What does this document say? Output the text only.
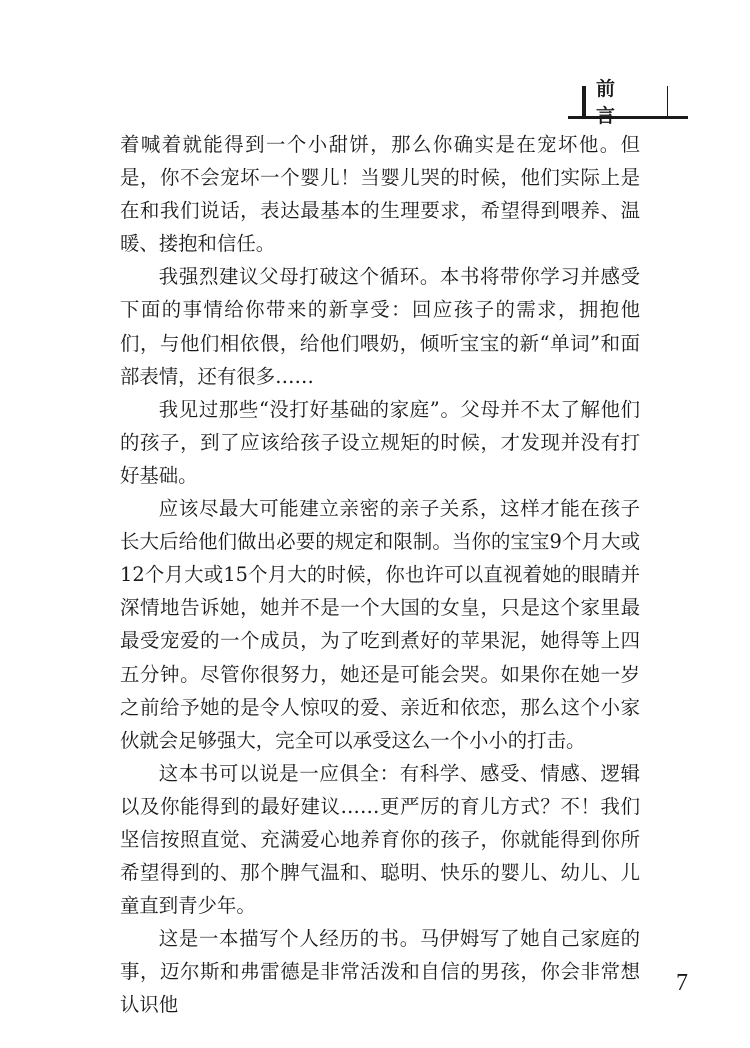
前

着喊着就能得到一个小甜饼，那么你确实是在宠坏他。但是，你不会宠坏一个婴儿！当婴儿哭的时候，他们实际上是在和我们说话，表达最基本的生理要求，希望得到喂养、温暖、搂抱和信任。

我强烈建议父母打破这个循环。本书将带你学习并感受下面的事情给你带来的新享受：回应孩子的需求，拥抱他们，与他们相依偎，给他们喂奶，倾听宝宝的新“单词”和面部表情，还有很多……

我见过那些“没打好基础的家庭”。父母并不太了解他们的孩子，到了应该给孩子设立规矩的时候，才发现并没有打好基础。

应该尽最大可能建立亲密的亲子关系，这样才能在孩子长大后给他们做出必要的规定和限制。当你的宝宝9个月大或12个月大或15个月大的时候，你也许可以直视着她的眼睛并深情地告诉她，她并不是一个大国的女皇，只是这个家里最最受宠爱的一个成员，为了吃到煮好的苹果泥，她得等上四五分钟。尽管你很努力，她还是可能会哭。如果你在她一岁之前给予她的是令人惊叹的爱、亲近和依恋，那么这个小家伙就会足够强大，完全可以承受这么一个小小的打击。

这本书可以说是一应俱全：有科学、感受、情感、逻辑以及你能得到的最好建议……更严厉的育儿方式？不！我们坚信按照直觉、充满爱心地养育你的孩子，你就能得到你所希望得到的、那个脾气温和、聪明、快乐的婴儿、幼儿、儿童直到青少年。

这是一本描写个人经历的书。马伊姆写了她自己家庭的事，迈尔斯和弗雷德是非常活泼和自信的男孩，你会非常想认识他

7
